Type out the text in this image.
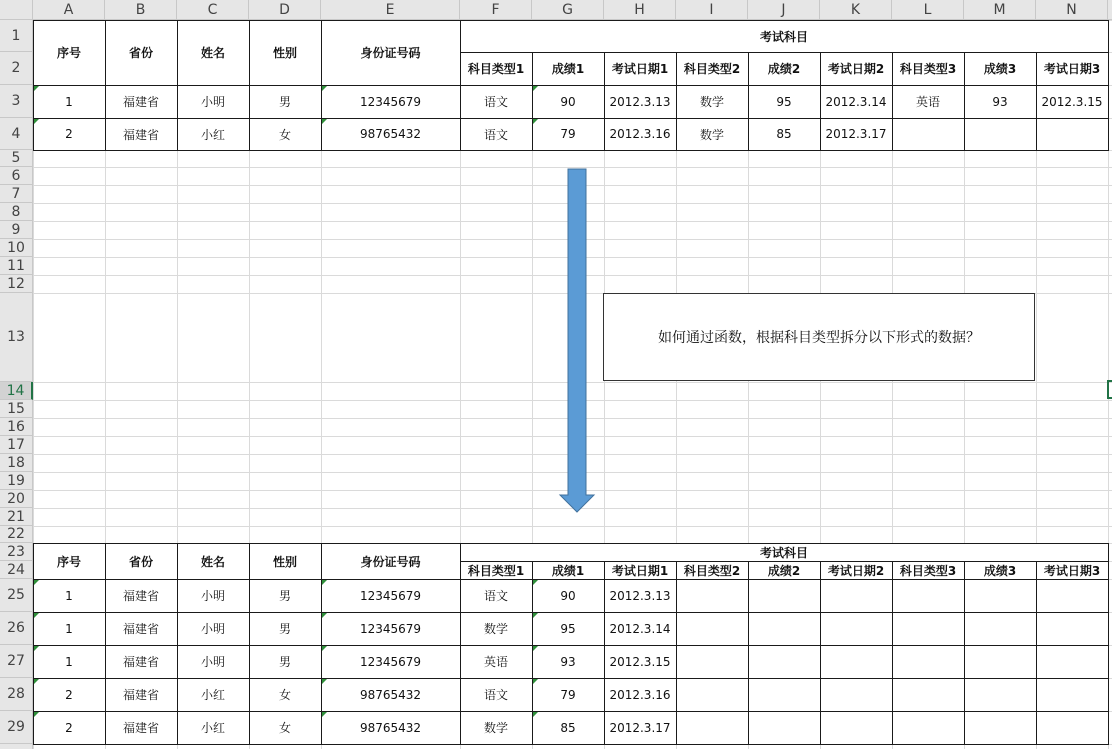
A	B	C	D	E	F	G	H	I	J	K	L	M	N
1
2
3
4
5
6
7
8
9
10
11
12
13
14
15
16
17
18
19
20
21
22
23
24
25
26
27
28
29
序号	省份	姓名	性别	身份证号码
考试科目
科目类型1	成绩1	考试日期1	科目类型2	成绩2	考试日期2	科目类型3	成绩3	考试日期3
序号	省份	姓名	性别	身份证号码
考试科目
科目类型1	成绩1	考试日期1	科目类型2	成绩2	考试日期2	科目类型3	成绩3	考试日期3
1	福建省	小明	男	12345679	语文	90	2012.3.13	数学	95	2012.3.14	英语	93	2012.3.15
2	福建省	小红	女	98765432	语文	79	2012.3.16	数学	85	2012.3.17
1	福建省	小明	男	12345679	语文	90	2012.3.13
1	福建省	小明	男	12345679	数学	95	2012.3.14
1	福建省	小明	男	12345679	英语	93	2012.3.15
2	福建省	小红	女	98765432	语文	79	2012.3.16
2	福建省	小红	女	98765432	数学	85	2012.3.17
如何通过函数，根据科目类型拆分以下形式的数据？
